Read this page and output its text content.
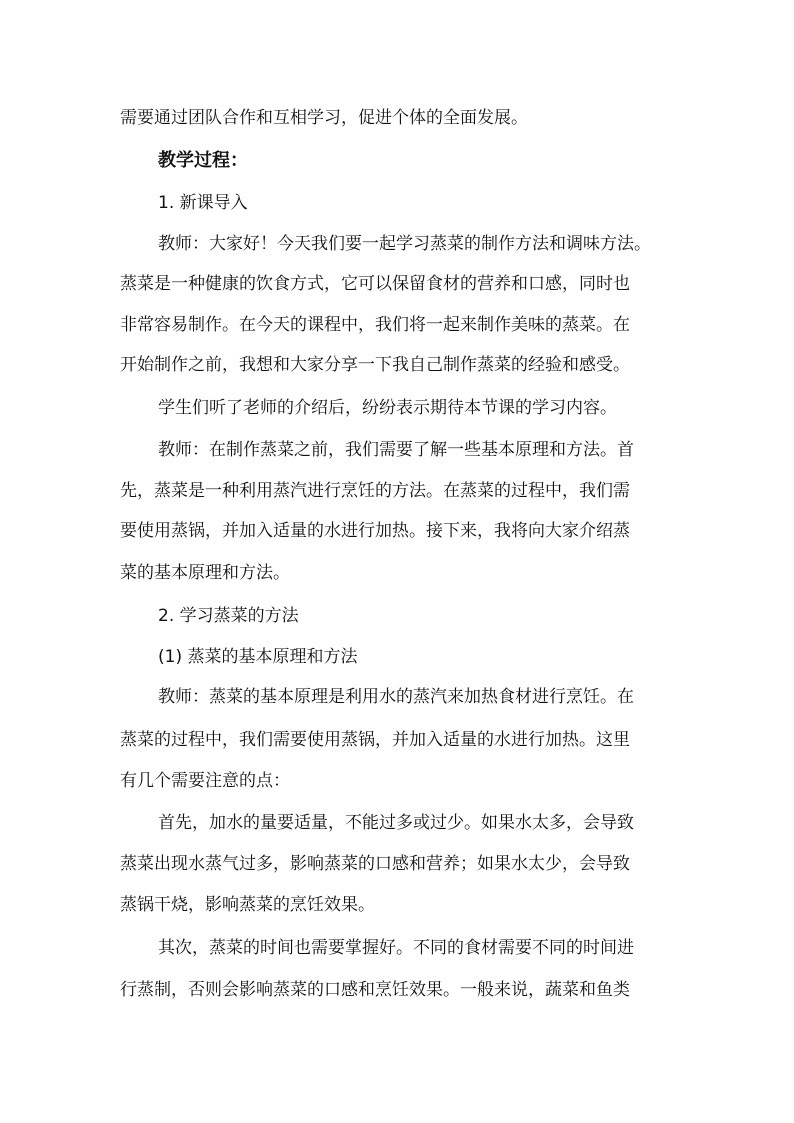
需要通过团队合作和互相学习，促进个体的全面发展。
教学过程：
1. 新课导入
教师：大家好！今天我们要一起学习蒸菜的制作方法和调味方法。
蒸菜是一种健康的饮食方式，它可以保留食材的营养和口感，同时也
非常容易制作。在今天的课程中，我们将一起来制作美味的蒸菜。在
开始制作之前，我想和大家分享一下我自己制作蒸菜的经验和感受。
学生们听了老师的介绍后，纷纷表示期待本节课的学习内容。
教师：在制作蒸菜之前，我们需要了解一些基本原理和方法。首
先，蒸菜是一种利用蒸汽进行烹饪的方法。在蒸菜的过程中，我们需
要使用蒸锅，并加入适量的水进行加热。接下来，我将向大家介绍蒸
菜的基本原理和方法。
2. 学习蒸菜的方法
(1) 蒸菜的基本原理和方法
教师：蒸菜的基本原理是利用水的蒸汽来加热食材进行烹饪。在
蒸菜的过程中，我们需要使用蒸锅，并加入适量的水进行加热。这里
有几个需要注意的点：
首先，加水的量要适量，不能过多或过少。如果水太多，会导致
蒸菜出现水蒸气过多，影响蒸菜的口感和营养；如果水太少，会导致
蒸锅干烧，影响蒸菜的烹饪效果。
其次，蒸菜的时间也需要掌握好。不同的食材需要不同的时间进
行蒸制，否则会影响蒸菜的口感和烹饪效果。一般来说，蔬菜和鱼类
